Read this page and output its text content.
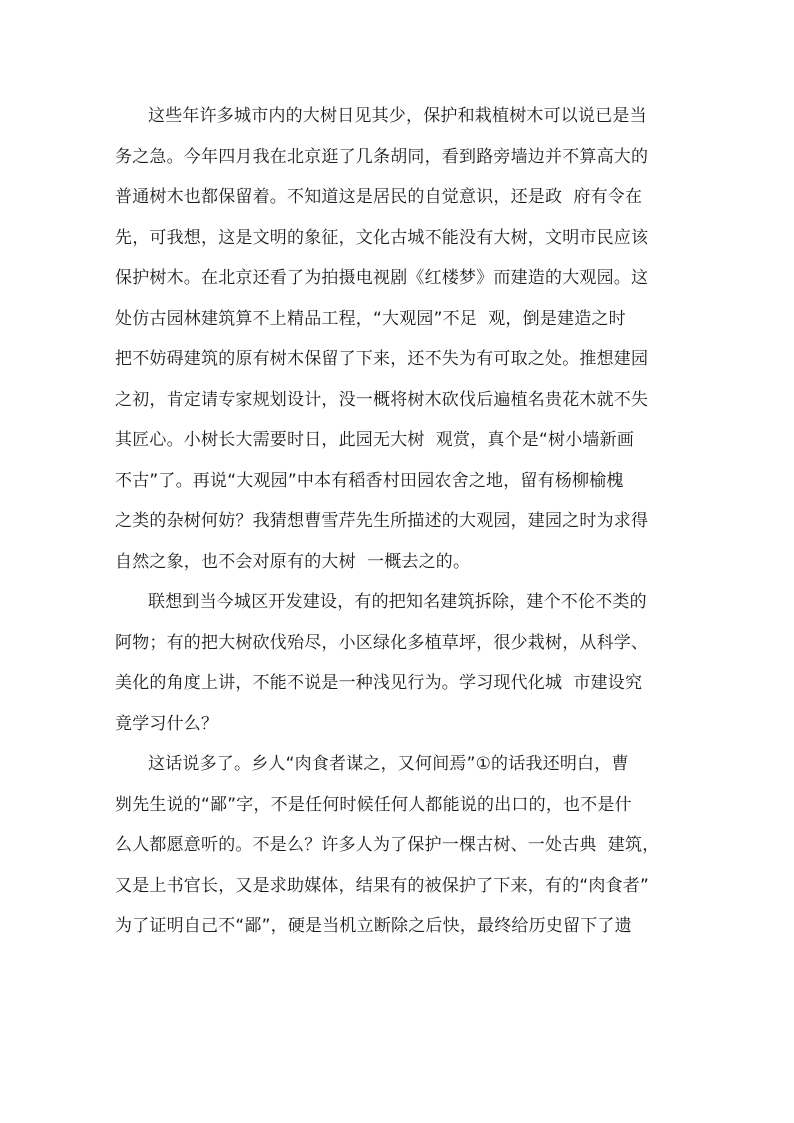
这些年许多城市内的大树日见其少，保护和栽植树木可以说已是当
务之急。今年四月我在北京逛了几条胡同，看到路旁墙边并不算高大的
普通树木也都保留着。不知道这是居民的自觉意识，还是政  府有令在
先，可我想，这是文明的象征，文化古城不能没有大树，文明市民应该
保护树木。在北京还看了为拍摄电视剧《红楼梦》而建造的大观园。这
处仿古园林建筑算不上精品工程，“大观园”不足  观，倒是建造之时
把不妨碍建筑的原有树木保留了下来，还不失为有可取之处。推想建园
之初，肯定请专家规划设计，没一概将树木砍伐后遍植名贵花木就不失
其匠心。小树长大需要时日，此园无大树  观赏，真个是“树小墙新画
不古”了。再说“大观园”中本有稻香村田园农舍之地，留有杨柳榆槐
之类的杂树何妨？我猜想曹雪芹先生所描述的大观园，建园之时为求得
自然之象，也不会对原有的大树  一概去之的。
联想到当今城区开发建设，有的把知名建筑拆除，建个不伦不类的
阿物；有的把大树砍伐殆尽，小区绿化多植草坪，很少栽树，从科学、
美化的角度上讲，不能不说是一种浅见行为。学习现代化城  市建设究
竟学习什么？
这话说多了。乡人“肉食者谋之，又何间焉”①的话我还明白，曹
刿先生说的“鄙”字，不是任何时候任何人都能说的出口的，也不是什
么人都愿意听的。不是么？许多人为了保护一棵古树、一处古典  建筑，
又是上书官长，又是求助媒体，结果有的被保护了下来，有的“肉食者”
为了证明自己不“鄙”，硬是当机立断除之后快，最终给历史留下了遗
